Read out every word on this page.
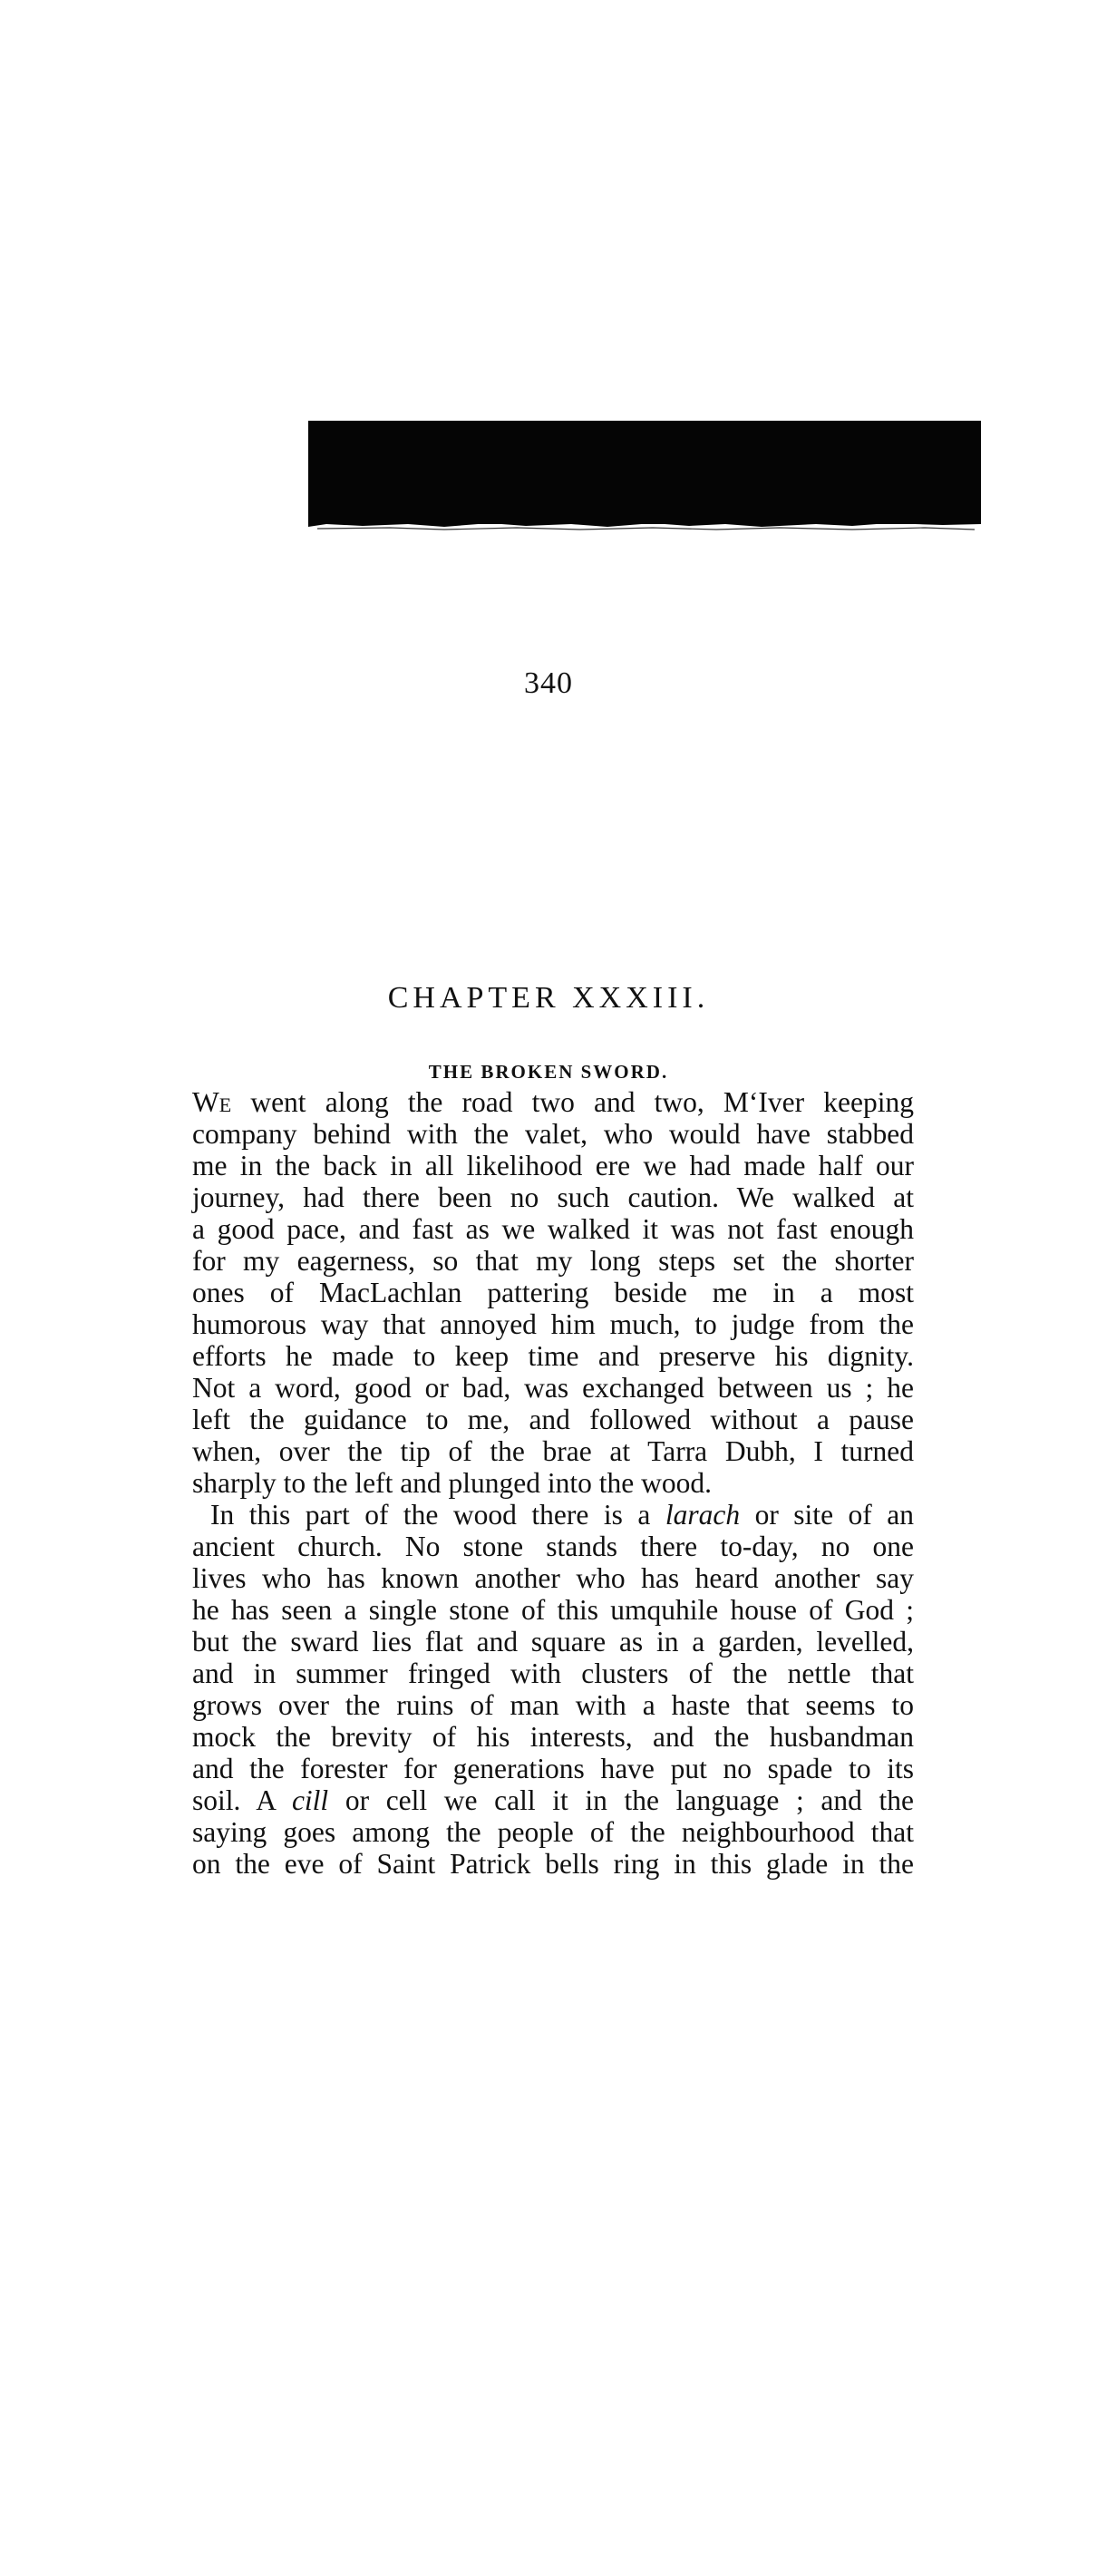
340
CHAPTER XXXIII.
THE BROKEN SWORD.
We went along the road two and two, M‘Iver keeping
company behind with the valet, who would have stabbed
me in the back in all likelihood ere we had made half our
journey, had there been no such caution. We walked at
a good pace, and fast as we walked it was not fast enough
for my eagerness, so that my long steps set the shorter
ones of MacLachlan pattering beside me in a most
humorous way that annoyed him much, to judge from the
efforts he made to keep time and preserve his dignity.
Not a word, good or bad, was exchanged between us ; he
left the guidance to me, and followed without a pause
when, over the tip of the brae at Tarra Dubh, I turned
sharply to the left and plunged into the wood.
In this part of the wood there is a larach or site of an
ancient church. No stone stands there to-day, no one
lives who has known another who has heard another say
he has seen a single stone of this umquhile house of God ;
but the sward lies flat and square as in a garden, levelled,
and in summer fringed with clusters of the nettle that
grows over the ruins of man with a haste that seems to
mock the brevity of his interests, and the husbandman
and the forester for generations have put no spade to its
soil. A cill or cell we call it in the language ; and the
saying goes among the people of the neighbourhood that
on the eve of Saint Patrick bells ring in this glade in the
